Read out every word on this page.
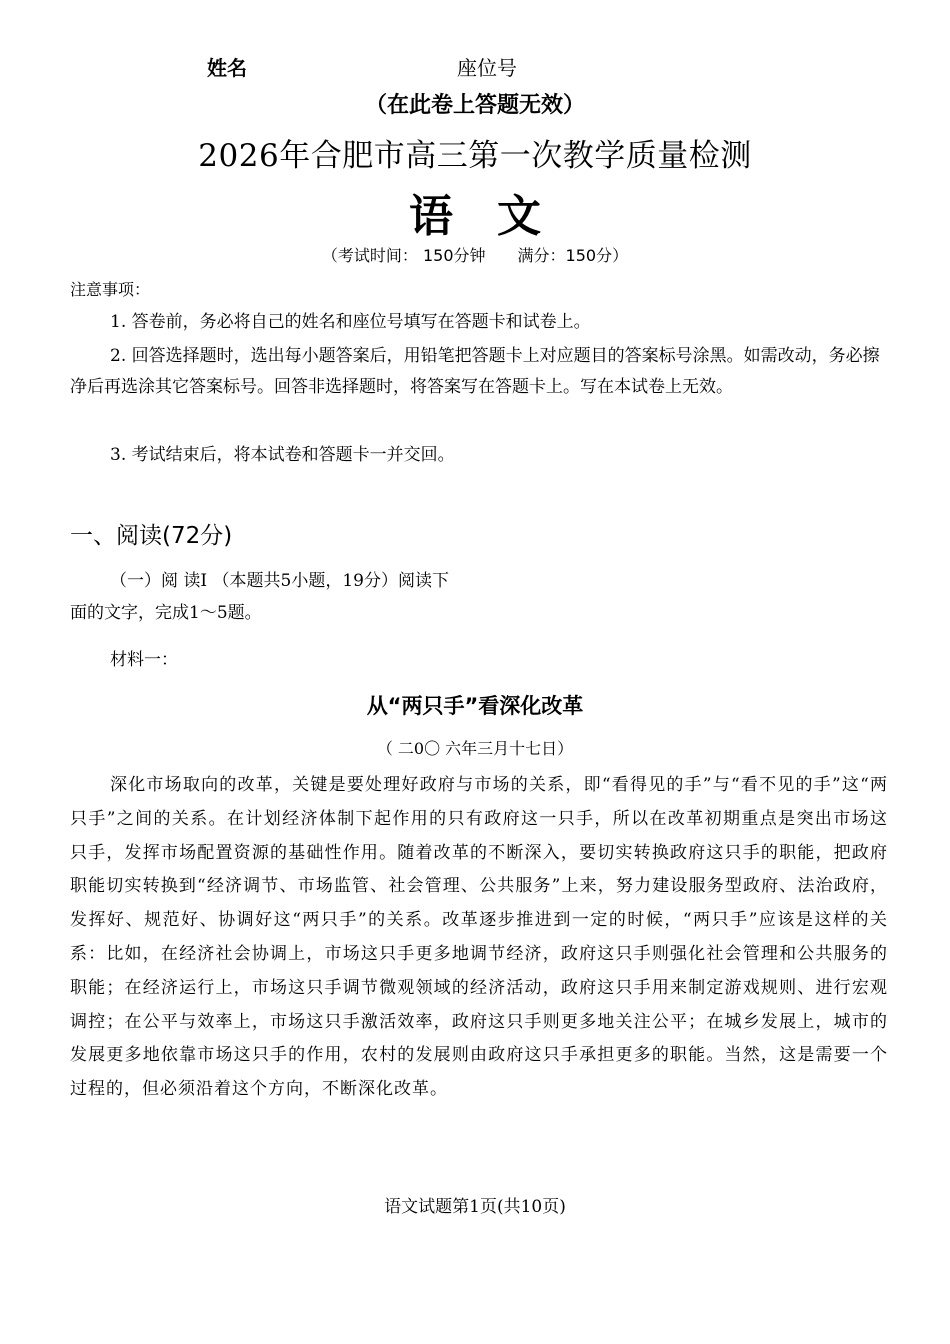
姓名	座位号
（在此卷上答题无效）
2026年合肥市高三第一次教学质量检测
语　文
（考试时间： 150分钟　　满分：150分）
注意事项：
1. 答卷前，务必将自己的姓名和座位号填写在答题卡和试卷上。
2. 回答选择题时，选出每小题答案后，用铅笔把答题卡上对应题目的答案标号涂黑。如需改动，务必擦净后再选涂其它答案标号。回答非选择题时，将答案写在答题卡上。写在本试卷上无效。
3. 考试结束后，将本试卷和答题卡一并交回。
一、阅读(72分)
（一）阅 读Ⅰ （本题共5小题，19分）阅读下面的文字，完成1～5题。
材料一：
从“两只手”看深化改革
（ 二0〇 六年三月十七日）
深化市场取向的改革，关键是要处理好政府与市场的关系，即“看得见的手”与“看不见的手”这“两只手”之间的关系。在计划经济体制下起作用的只有政府这一只手，所以在改革初期重点是突出市场这只手，发挥市场配置资源的基础性作用。随着改革的不断深入，要切实转换政府这只手的职能，把政府职能切实转换到“经济调节、市场监管、社会管理、公共服务”上来，努力建设服务型政府、法治政府，发挥好、规范好、协调好这“两只手”的关系。改革逐步推进到一定的时候，“两只手”应该是这样的关系：比如，在经济社会协调上，市场这只手更多地调节经济，政府这只手则强化社会管理和公共服务的职能；在经济运行上，市场这只手调节微观领域的经济活动，政府这只手用来制定游戏规则、进行宏观调控；在公平与效率上，市场这只手激活效率，政府这只手则更多地关注公平；在城乡发展上，城市的发展更多地依靠市场这只手的作用，农村的发展则由政府这只手承担更多的职能。当然，这是需要一个过程的，但必须沿着这个方向，不断深化改革。
语文试题第1页(共10页)
